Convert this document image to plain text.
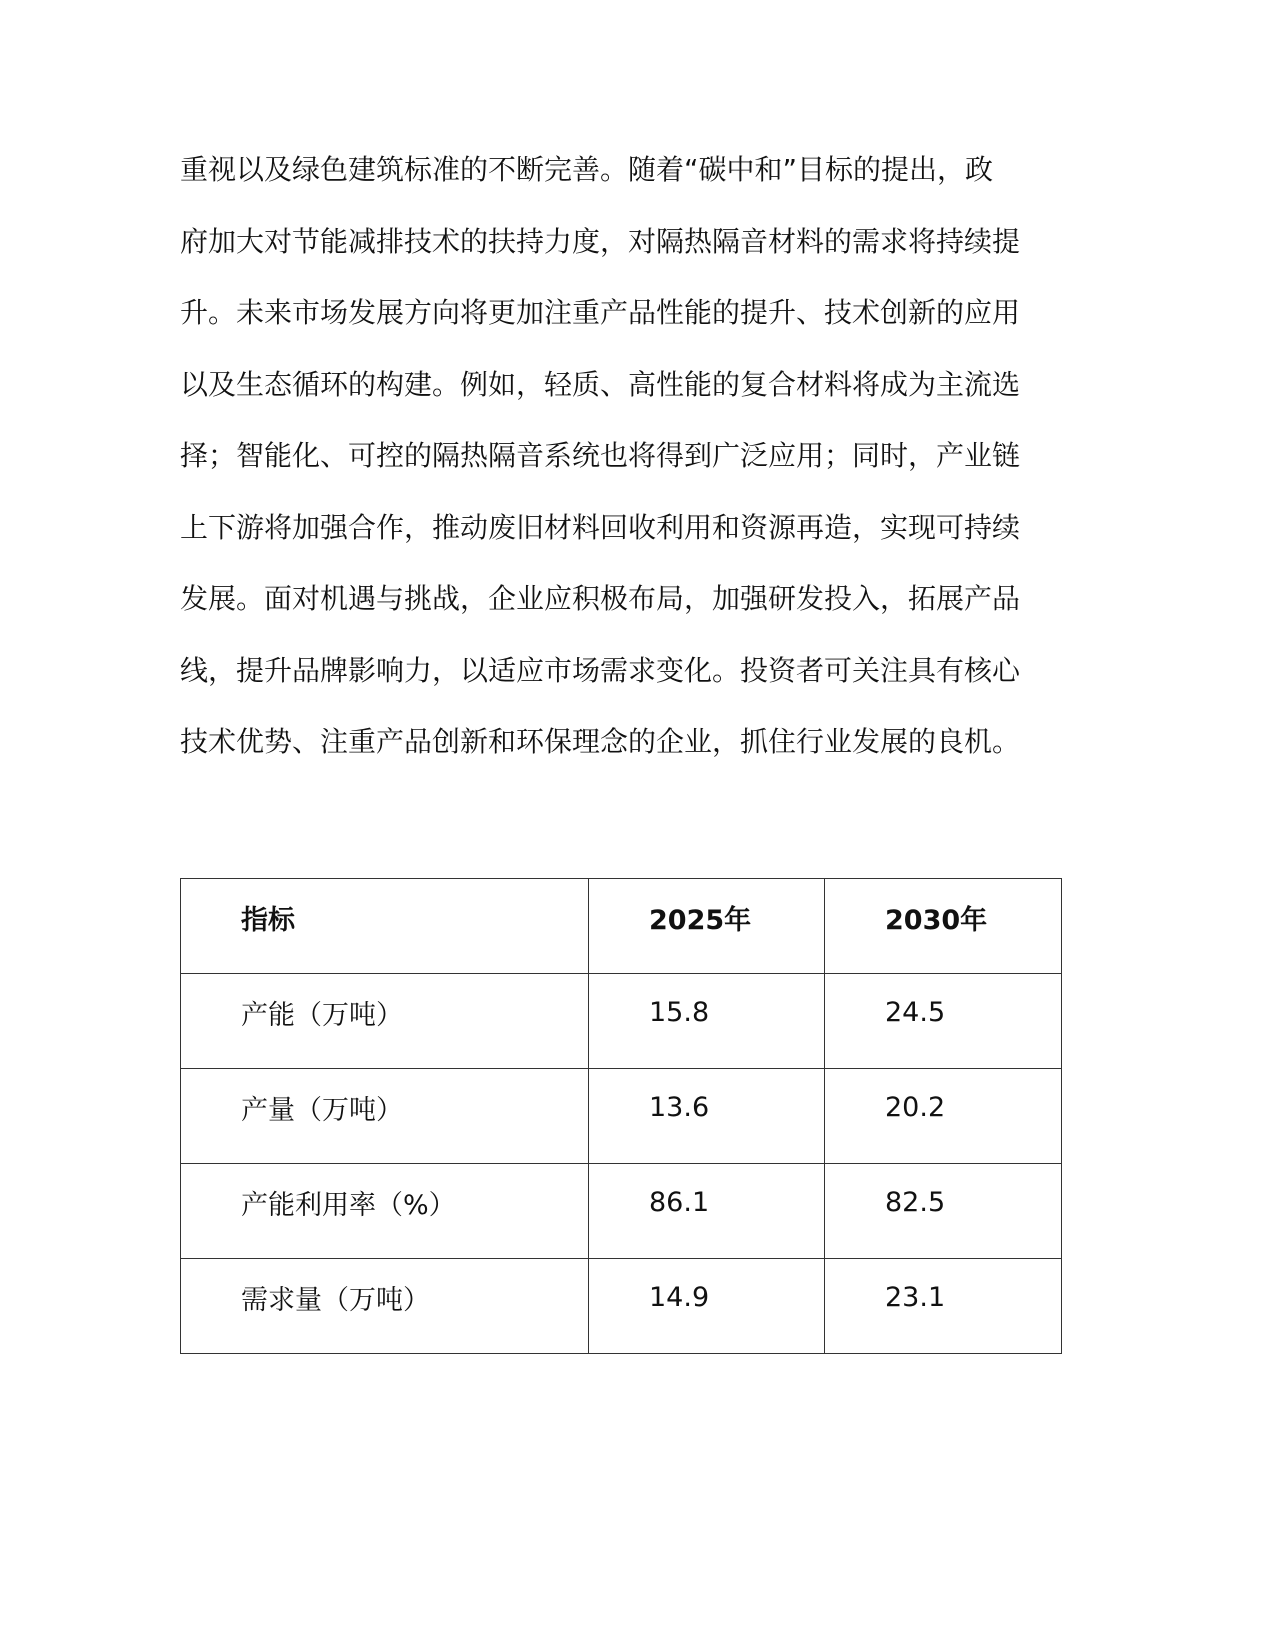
重视以及绿色建筑标准的不断完善。随着“碳中和”目标的提出，政
府加大对节能减排技术的扶持力度，对隔热隔音材料的需求将持续提
升。未来市场发展方向将更加注重产品性能的提升、技术创新的应用
以及生态循环的构建。例如，轻质、高性能的复合材料将成为主流选
择；智能化、可控的隔热隔音系统也将得到广泛应用；同时，产业链
上下游将加强合作，推动废旧材料回收利用和资源再造，实现可持续
发展。面对机遇与挑战，企业应积极布局，加强研发投入，拓展产品
线，提升品牌影响力，以适应市场需求变化。投资者可关注具有核心
技术优势、注重产品创新和环保理念的企业，抓住行业发展的良机。
指标	2025年	2030年
产能（万吨）	15.8	24.5
产量（万吨）	13.6	20.2
产能利用率（%）	86.1	82.5
需求量（万吨）	14.9	23.1
